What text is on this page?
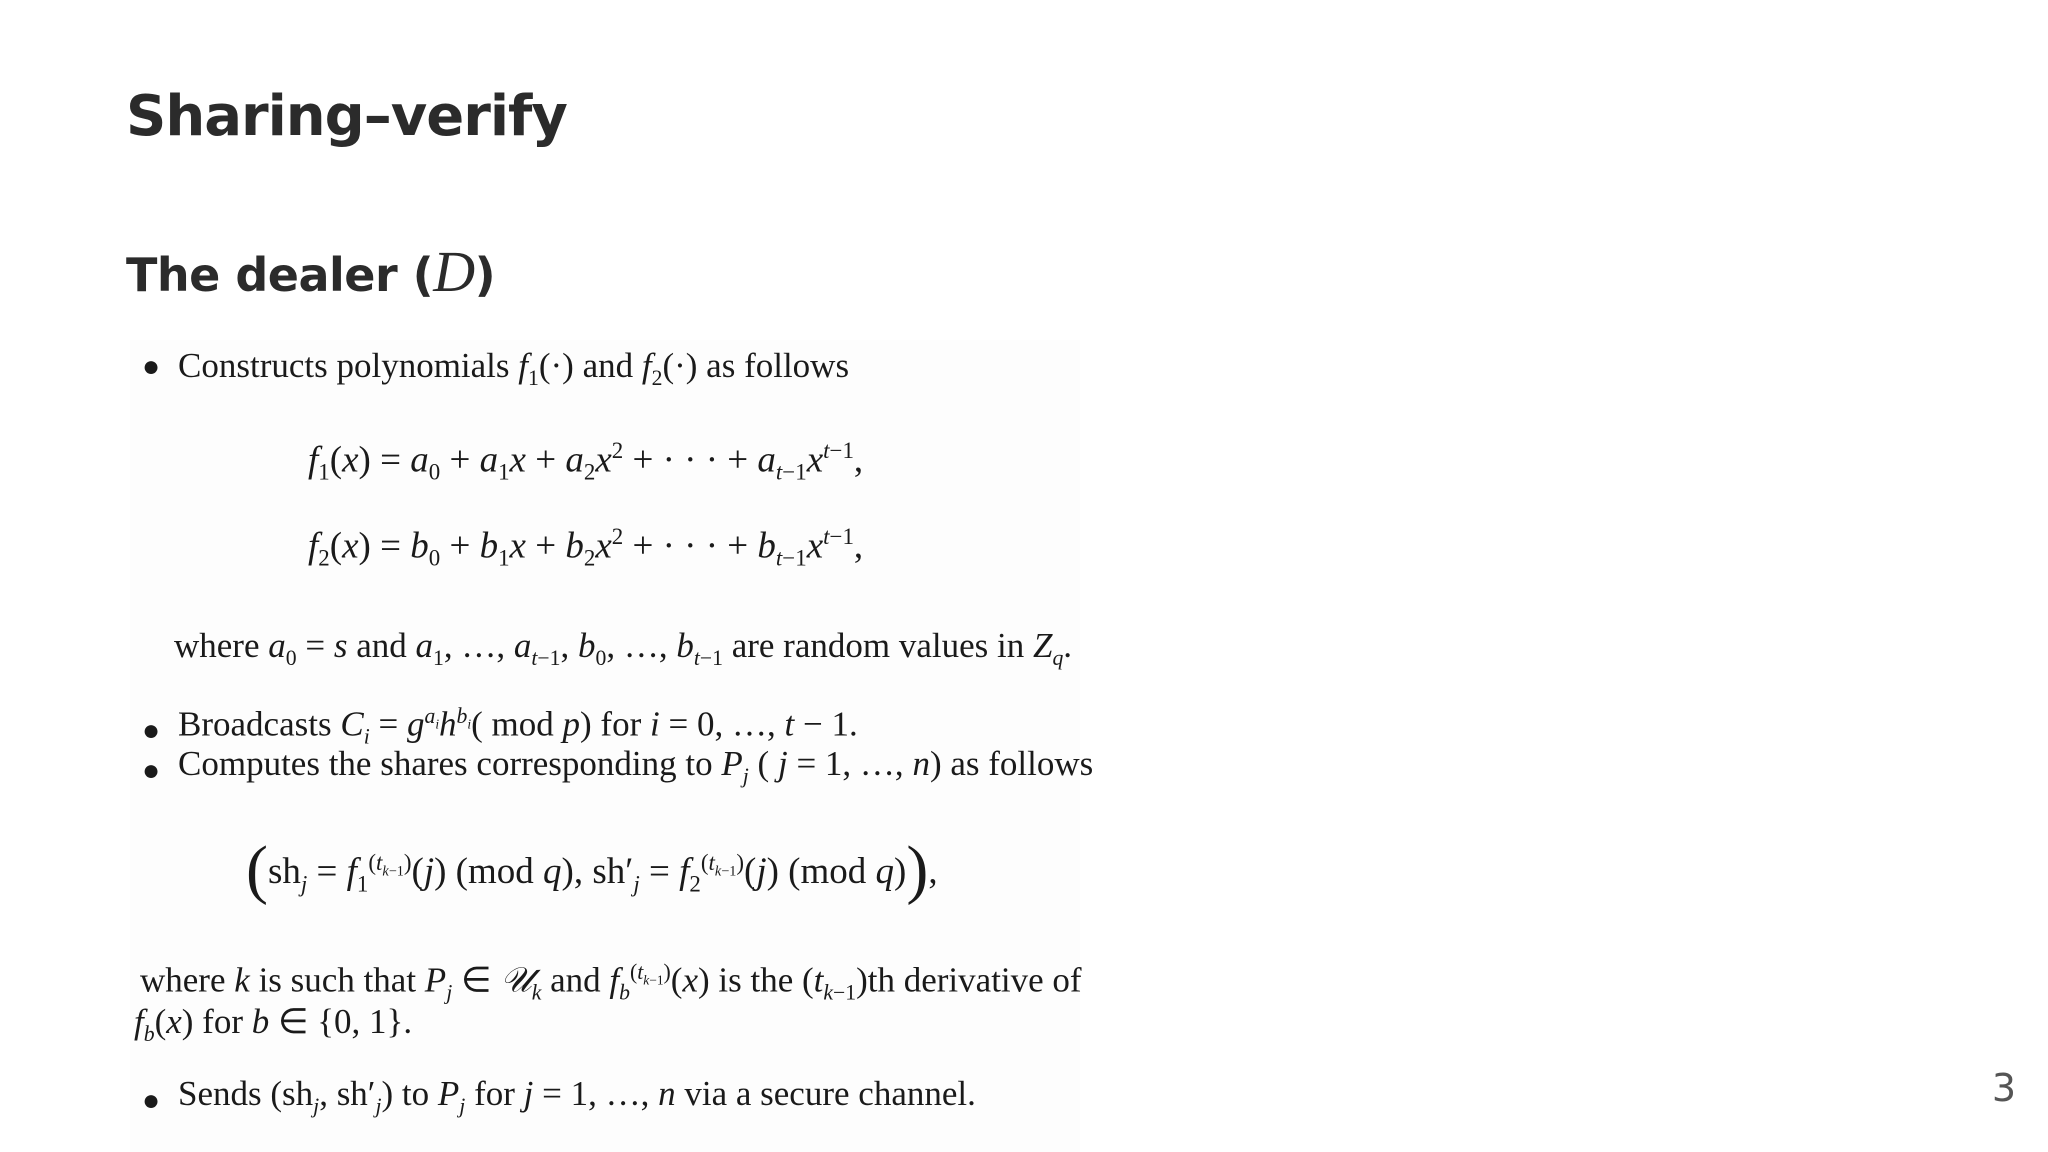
Sharing–verify
The dealer (D)
● Constructs polynomials $f_1(\cdot)$ and $f_2(\cdot)$ as follows
$f_1(x) = a_0 + a_1x + a_2x^2$ + · · · + $a_{t-1}x^{t-1}$,
$f_2(x) = b_0 + b_1x + b_2x^2$ + · · · + $b_{t-1}x^{t-1}$,
where $a_0 = s$ and $a_1$, …, $a_{t-1}$, $b_0$, …, $b_{t-1}$ are random values in $Z_q$.
● Broadcasts $C_i = g^{a_i}h^{b_i}$( mod p) for i = 0, …, t − 1.
● Computes the shares corresponding to $P_j$ ( j = 1, …, n) as follows
($sh_j = f_1^{(t_{k-1})}(j)$ (mod q), $sh'_j = f_2^{(t_{k-1})}(j)$ (mod q)),
where k is such that $P_j$ ∈ 𝒰$_k$ and $f_b^{(t_{k-1})}(x)$ is the $(t_{k-1})th$ derivative of
$f_b(x)$ for b ∈ {0, 1}.
● Sends ($sh_j$, $sh'_j$) to $P_j$ for j = 1, …, n via a secure channel.	3
